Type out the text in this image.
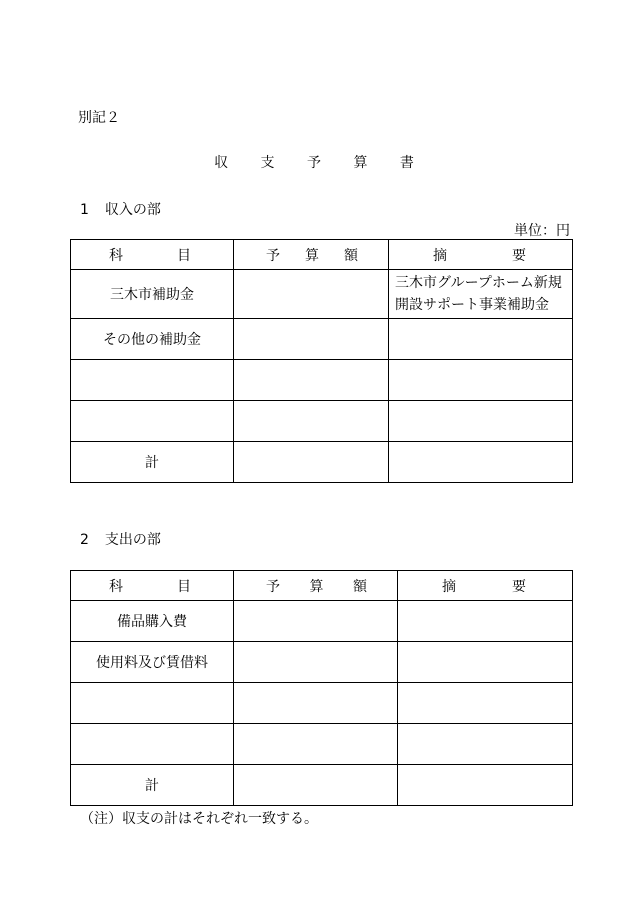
別記２
収 支 予 算 書
1 収入の部
単位：円
科 目	予 算 額	摘 要

三木市補助金		三木市グループホーム新規開設サポート事業補助金
その他の補助金		

計		
2 支出の部
科 目	予 算 額	摘 要

備品購入費		
使用料及び賃借料		

計		
（注）収支の計はそれぞれ一致する。
